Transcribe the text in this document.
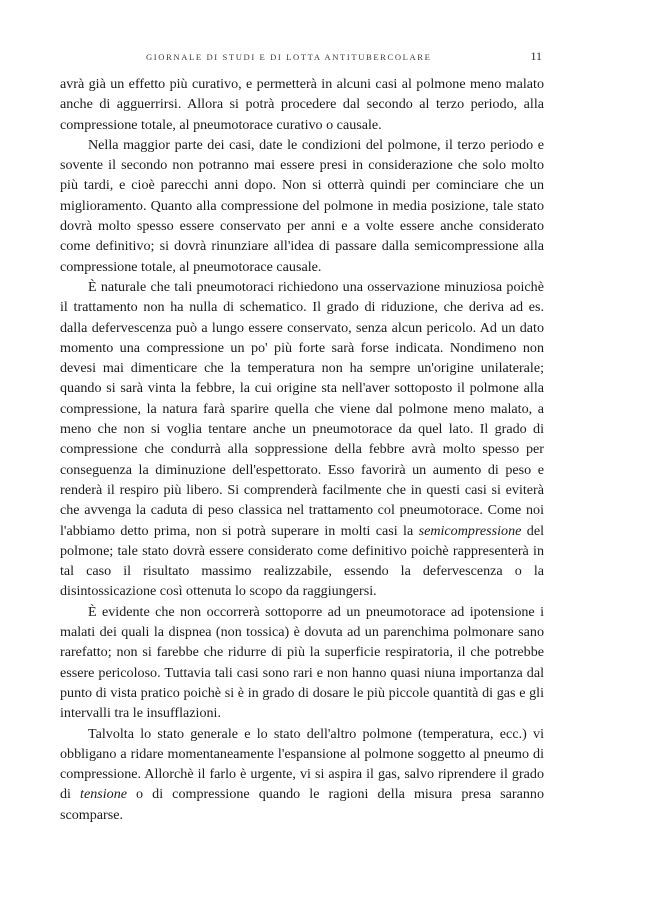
GIORNALE DI STUDI E DI LOTTA ANTITUBERCOLARE	11

avrà già un effetto più curativo, e permetterà in alcuni casi al polmone meno malato anche di agguerrirsi. Allora si potrà procedere dal secondo al terzo periodo, alla compressione totale, al pneumotorace curativo o causale.

Nella maggior parte dei casi, date le condizioni del polmone, il terzo periodo e sovente il secondo non potranno mai essere presi in considerazione che solo molto più tardi, e cioè parecchi anni dopo. Non si otterrà quindi per cominciare che un miglioramento. Quanto alla compressione del polmone in media posizione, tale stato dovrà molto spesso essere conservato per anni e a volte essere anche considerato come definitivo; si dovrà rinunziare all'idea di passare dalla semicompressione alla compressione totale, al pneumotorace causale.

È naturale che tali pneumotoraci richiedono una osservazione minuziosa poichè il trattamento non ha nulla di schematico. Il grado di riduzione, che deriva ad es. dalla defervescenza può a lungo essere conservato, senza alcun pericolo. Ad un dato momento una compressione un po' più forte sarà forse indicata. Nondimeno non devesi mai dimenticare che la temperatura non ha sempre un'origine unilaterale; quando si sarà vinta la febbre, la cui origine sta nell'aver sottoposto il polmone alla compressione, la natura farà sparire quella che viene dal polmone meno malato, a meno che non si voglia tentare anche un pneumotorace da quel lato. Il grado di compressione che condurrà alla soppressione della febbre avrà molto spesso per conseguenza la diminuzione dell'espettorato. Esso favorirà un aumento di peso e renderà il respiro più libero. Si comprenderà facilmente che in questi casi si eviterà che avvenga la caduta di peso classica nel trattamento col pneumotorace. Come noi l'abbiamo detto prima, non si potrà superare in molti casi la semicompressione del polmone; tale stato dovrà essere considerato come definitivo poichè rappresenterà in tal caso il risultato massimo realizzabile, essendo la defervescenza o la disintossicazione così ottenuta lo scopo da raggiungersi.

È evidente che non occorrerà sottoporre ad un pneumotorace ad ipotensione i malati dei quali la dispnea (non tossica) è dovuta ad un parenchima polmonare sano rarefatto; non si farebbe che ridurre di più la superficie respiratoria, il che potrebbe essere pericoloso. Tuttavia tali casi sono rari e non hanno quasi niuna importanza dal punto di vista pratico poichè si è in grado di dosare le più piccole quantità di gas e gli intervalli tra le insufflazioni.

Talvolta lo stato generale e lo stato dell'altro polmone (temperatura, ecc.) vi obbligano a ridare momentaneamente l'espansione al polmone soggetto al pneumo di compressione. Allorchè il farlo è urgente, vi si aspira il gas, salvo riprendere il grado di tensione o di compressione quando le ragioni della misura presa saranno scomparse.
